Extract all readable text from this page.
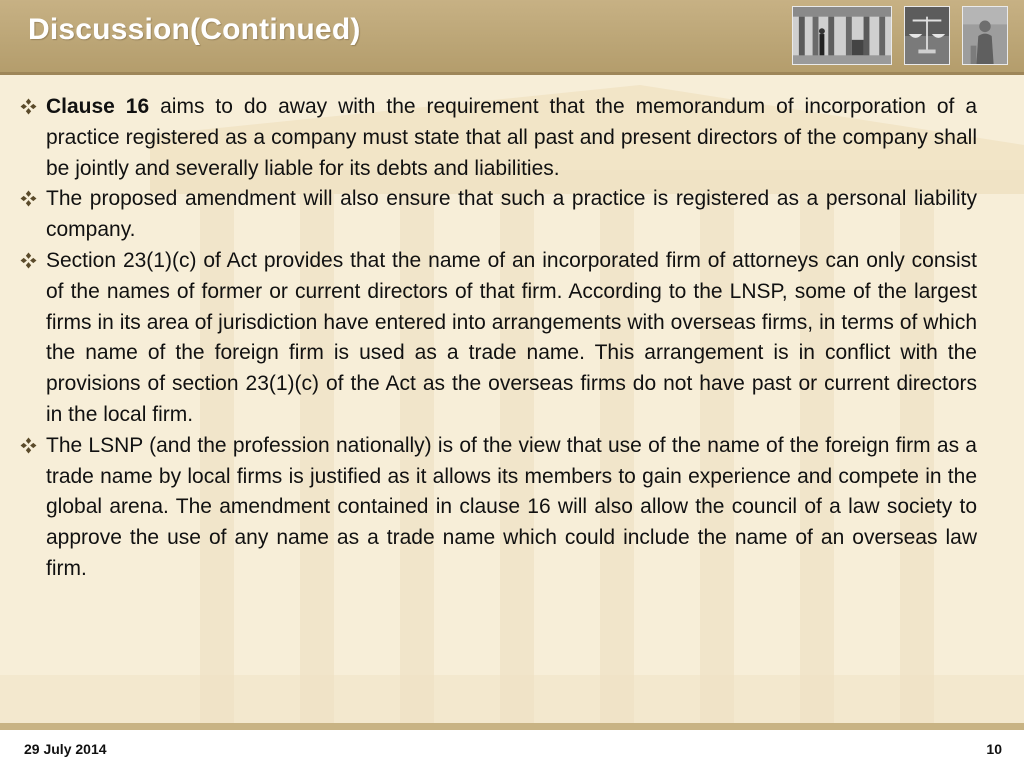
Discussion(Continued)
Clause 16 aims to do away with the requirement that the memorandum of incorporation of a practice registered as a company must state that all past and present directors of the company shall be jointly and severally liable for its debts and liabilities.
The proposed amendment will also ensure that such a practice is registered as a personal liability company.
Section 23(1)(c) of Act provides that the name of an incorporated firm of attorneys can only consist of the names of former or current directors of that firm. According to the LNSP, some of the largest firms in its area of jurisdiction have entered into arrangements with overseas firms, in terms of which the name of the foreign firm is used as a trade name. This arrangement is in conflict with the provisions of section 23(1)(c) of the Act as the overseas firms do not have past or current directors in the local firm.
The LSNP (and the profession nationally) is of the view that use of the name of the foreign firm as a trade name by local firms is justified as it allows its members to gain experience and compete in the global arena. The amendment contained in clause 16 will also allow the council of a law society to approve the use of any name as a trade name which could include the name of an overseas law firm.
29 July 2014	10
